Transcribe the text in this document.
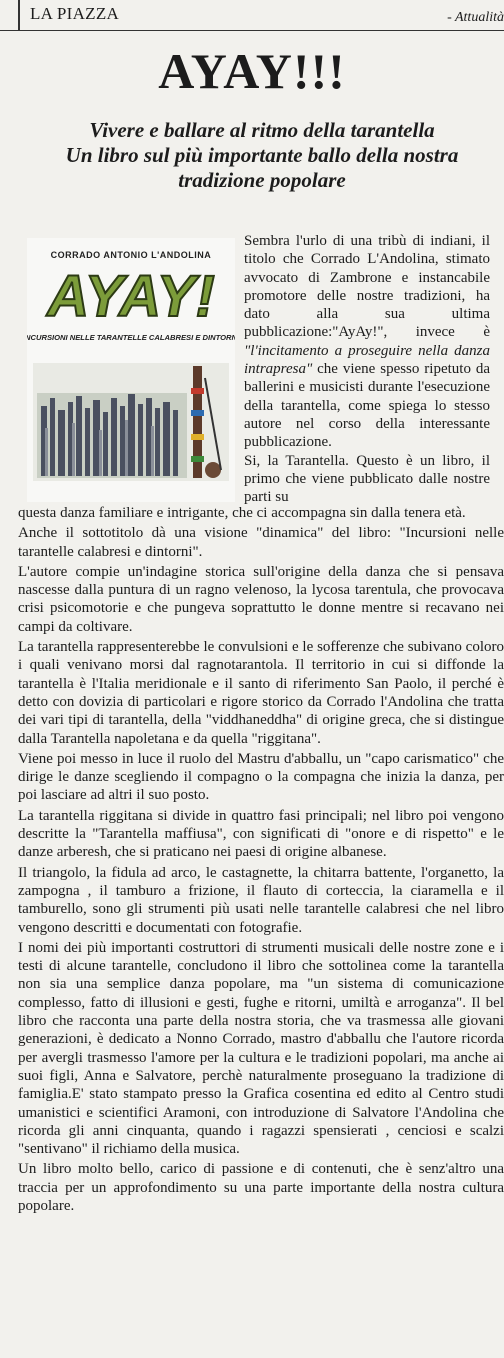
LA PIAZZA	- Attualità
AYAY!!!
Vivere e ballare al ritmo della tarantella
Un libro sul più importante ballo della nostra
tradizione popolare
CORRADO ANTONIO L'ANDOLINA
AYAY!
INCURSIONI NELLE TARANTELLE CALABRESI E DINTORNI

Sembra l'urlo di una tribù di indiani, il titolo che Corrado L'Andolina, stimato avvocato di Zambrone e instancabile promotore delle nostre tradizioni, ha dato alla sua ultima pubblicazione:"AyAy!", invece è "l'incitamento a proseguire nella danza intrapresa" che viene spesso ripetuto da ballerini e musicisti durante l'esecuzione della tarantella, come spiega lo stesso autore nel corso della interessante pubblicazione.

Si, la Tarantella. Questo è un libro, il primo che viene pubblicato dalle nostre parti su

questa danza familiare e intrigante, che ci accompagna sin dalla tenera età.

Anche il sottotitolo dà una visione "dinamica" del libro: "Incursioni nelle tarantelle calabresi e dintorni".

L'autore compie un'indagine storica sull'origine della danza che si pensava nascesse dalla puntura di un ragno velenoso, la lycosa tarentula, che provocava crisi psicomotorie e che pungeva soprattutto le donne mentre si recavano nei campi da coltivare.

La tarantella rappresenterebbe le convulsioni e le sofferenze che subivano coloro i quali venivano morsi dal ragnotarantola. Il territorio in cui si diffonde la tarantella è l'Italia meridionale e il santo di riferimento San Paolo, il perché è detto con dovizia di particolari e rigore storico da Corrado l'Andolina che tratta dei vari tipi di tarantella, della "viddhaneddha" di origine greca, che si distingue dalla Tarantella napoletana e da quella "riggitana".

Viene poi messo in luce il ruolo del Mastru d'abballu, un "capo carismatico" che dirige le danze scegliendo il compagno o la compagna che inizia la danza, per poi lasciare ad altri il suo posto.

La tarantella riggitana si divide in quattro fasi principali; nel libro poi vengono descritte la "Tarantella maffiusa", con significati di "onore e di rispetto" e le danze arberesh, che si praticano nei paesi di origine albanese.

Il triangolo, la fidula ad arco, le castagnette, la chitarra battente, l'organetto, la zampogna , il tamburo a frizione, il flauto di corteccia, la ciaramella e il tamburello, sono gli strumenti più usati nelle tarantelle calabresi che nel libro vengono descritti e documentati con fotografie.

I nomi dei più importanti costruttori di strumenti musicali delle nostre zone e i testi di alcune tarantelle, concludono il libro che sottolinea come la tarantella non sia una semplice danza popolare, ma "un sistema di comunicazione complesso, fatto di illusioni e gesti, fughe e ritorni, umiltà e arroganza". Il bel libro che racconta una parte della nostra storia, che va trasmessa alle giovani generazioni, è dedicato a Nonno Corrado, mastro d'abballu che l'autore ricorda per avergli trasmesso l'amore per la cultura e le tradizioni popolari, ma anche ai suoi figli, Anna e Salvatore, perchè naturalmente proseguano la tradizione di famiglia.E' stato stampato presso la Grafica cosentina ed edito al Centro studi umanistici e scientifici Aramoni, con introduzione di Salvatore l'Andolina che ricorda gli anni cinquanta, quando i ragazzi spensierati , cenciosi e scalzi "sentivano" il richiamo della musica.

Un libro molto bello, carico di passione e di contenuti, che è senz'altro una traccia per un approfondimento su una parte importante della nostra cultura popolare.
